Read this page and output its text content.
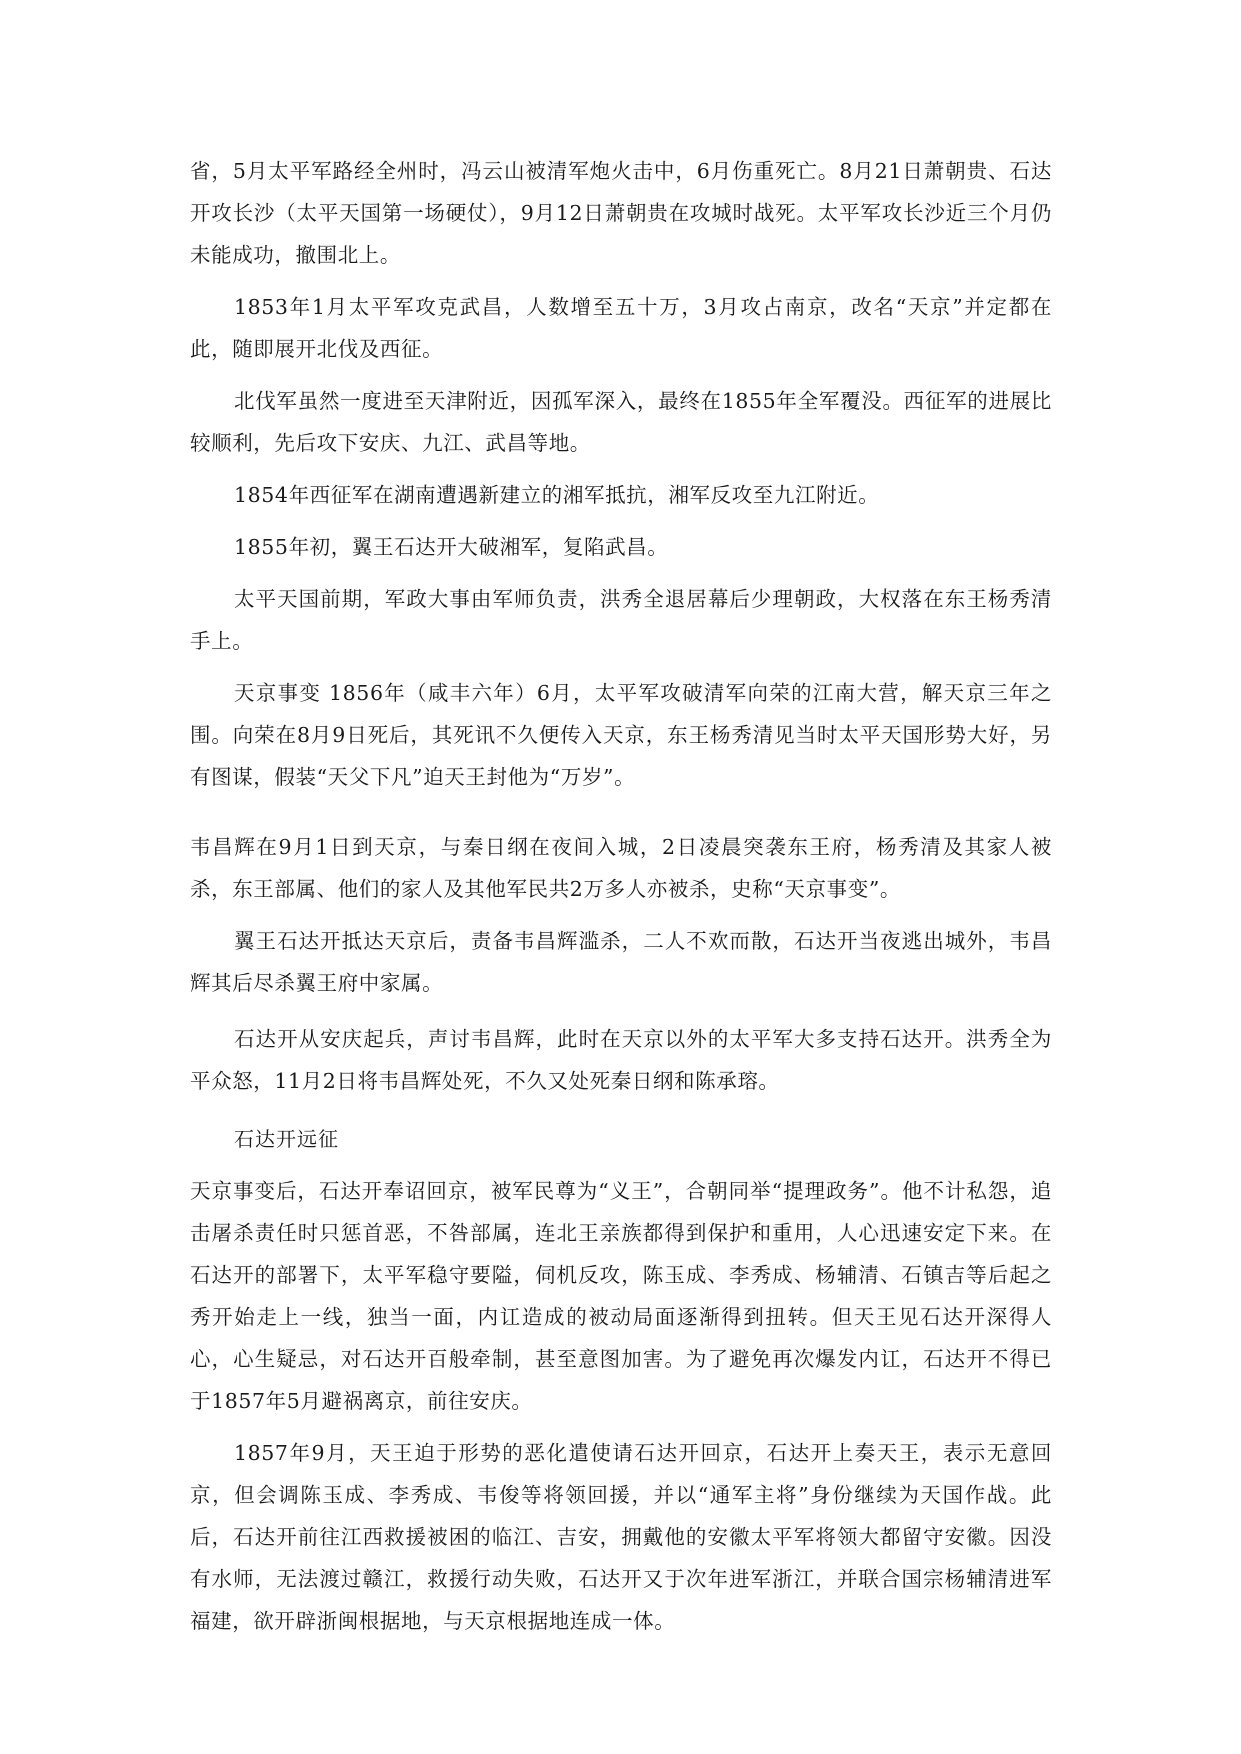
省，5月太平军路经全州时，冯云山被清军炮火击中，6月伤重死亡。8月21日萧朝贵、石达开攻长沙（太平天国第一场硬仗），9月12日萧朝贵在攻城时战死。太平军攻长沙近三个月仍未能成功，撤围北上。

1853年1月太平军攻克武昌，人数增至五十万，3月攻占南京，改名“天京”并定都在此，随即展开北伐及西征。

北伐军虽然一度进至天津附近，因孤军深入，最终在1855年全军覆没。西征军的进展比较顺利，先后攻下安庆、九江、武昌等地。

1854年西征军在湖南遭遇新建立的湘军抵抗，湘军反攻至九江附近。

1855年初，翼王石达开大破湘军，复陷武昌。

太平天国前期，军政大事由军师负责，洪秀全退居幕后少理朝政，大权落在东王杨秀清手上。

天京事变 1856年（咸丰六年）6月，太平军攻破清军向荣的江南大营，解天京三年之围。向荣在8月9日死后，其死讯不久便传入天京，东王杨秀清见当时太平天国形势大好，另有图谋，假装“天父下凡”迫天王封他为“万岁”。

韦昌辉在9月1日到天京，与秦日纲在夜间入城，2日凌晨突袭东王府，杨秀清及其家人被杀，东王部属、他们的家人及其他军民共2万多人亦被杀，史称“天京事变”。

翼王石达开抵达天京后，责备韦昌辉滥杀，二人不欢而散，石达开当夜逃出城外，韦昌辉其后尽杀翼王府中家属。

石达开从安庆起兵，声讨韦昌辉，此时在天京以外的太平军大多支持石达开。洪秀全为平众怒，11月2日将韦昌辉处死，不久又处死秦日纲和陈承瑢。

石达开远征

天京事变后，石达开奉诏回京，被军民尊为“义王”，合朝同举“提理政务”。他不计私怨，追击屠杀责任时只惩首恶，不咎部属，连北王亲族都得到保护和重用，人心迅速安定下来。在石达开的部署下，太平军稳守要隘，伺机反攻，陈玉成、李秀成、杨辅清、石镇吉等后起之秀开始走上一线，独当一面，内讧造成的被动局面逐渐得到扭转。但天王见石达开深得人心，心生疑忌，对石达开百般牵制，甚至意图加害。为了避免再次爆发内讧，石达开不得已于1857年5月避祸离京，前往安庆。

1857年9月，天王迫于形势的恶化遣使请石达开回京，石达开上奏天王，表示无意回京，但会调陈玉成、李秀成、韦俊等将领回援，并以“通军主将”身份继续为天国作战。此后，石达开前往江西救援被困的临江、吉安，拥戴他的安徽太平军将领大都留守安徽。因没有水师，无法渡过赣江，救援行动失败，石达开又于次年进军浙江，并联合国宗杨辅清进军福建，欲开辟浙闽根据地，与天京根据地连成一体。
